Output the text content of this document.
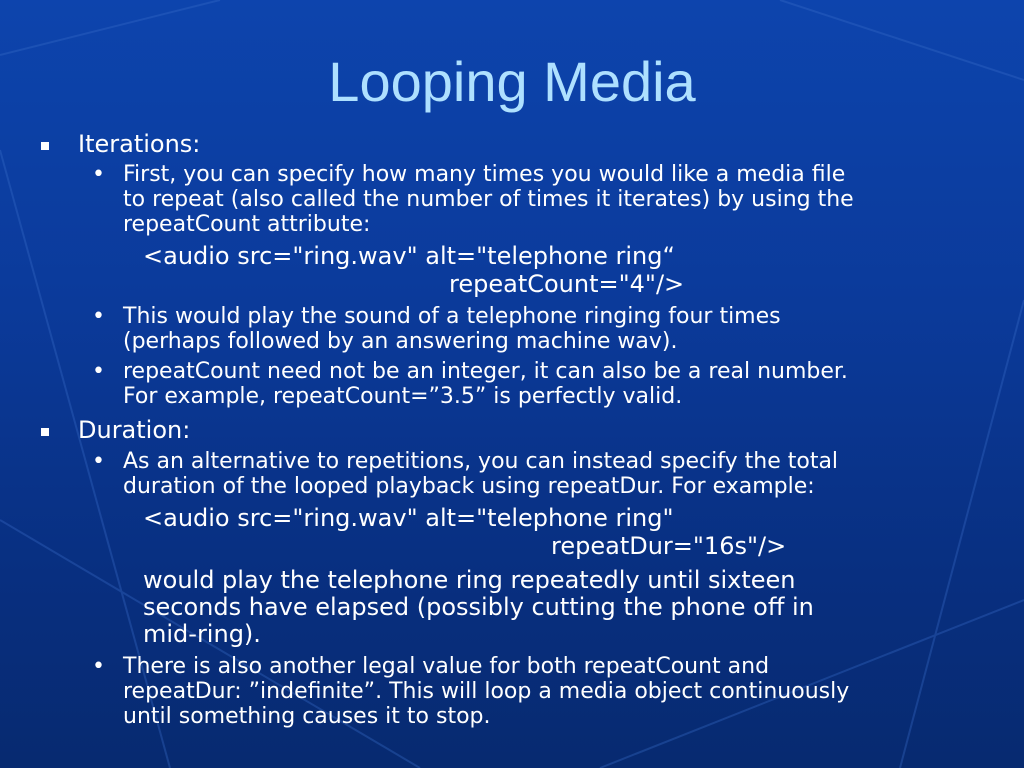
Looping Media
Iterations:
• First, you can specify how many times you would like a media file
to repeat (also called the number of times it iterates) by using the
repeatCount attribute:
<audio src="ring.wav" alt="telephone ring“
repeatCount="4"/>
• This would play the sound of a telephone ringing four times
(perhaps followed by an answering machine wav).
• repeatCount need not be an integer, it can also be a real number.
For example, repeatCount=”3.5” is perfectly valid.
Duration:
• As an alternative to repetitions, you can instead specify the total
duration of the looped playback using repeatDur. For example:
<audio src="ring.wav" alt="telephone ring"
repeatDur="16s"/>
would play the telephone ring repeatedly until sixteen
seconds have elapsed (possibly cutting the phone off in
mid-ring).
• There is also another legal value for both repeatCount and
repeatDur: ”indefinite”. This will loop a media object continuously
until something causes it to stop.
